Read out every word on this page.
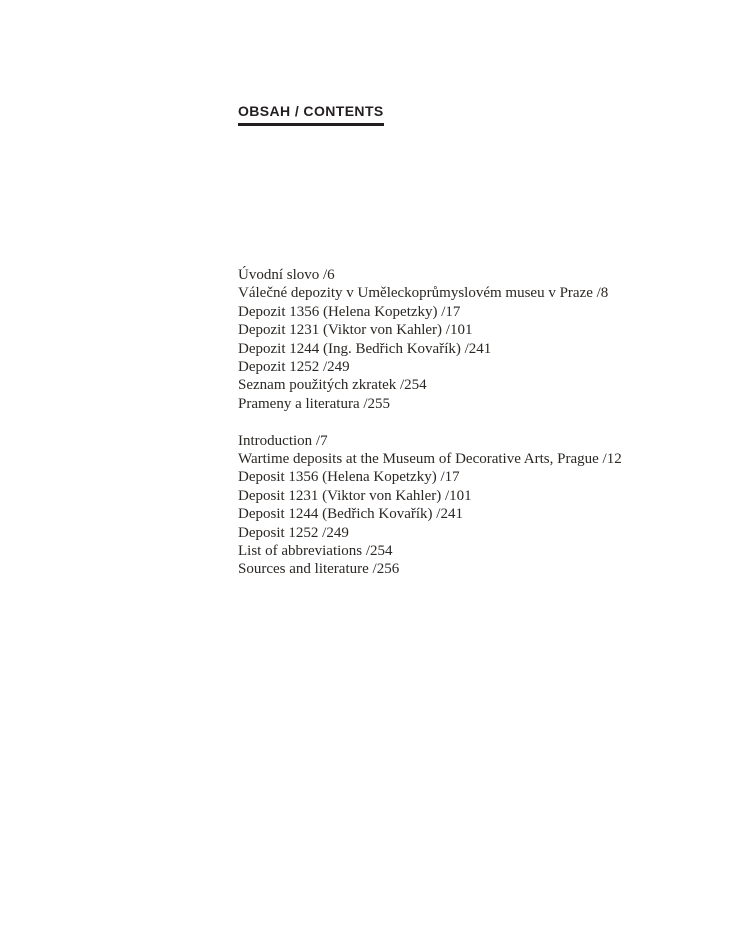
OBSAH / CONTENTS
Úvodní slovo /6
Válečné depozity v Uměleckoprůmyslovém museu v Praze /8
Depozit 1356 (Helena Kopetzky) /17
Depozit 1231 (Viktor von Kahler) /101
Depozit 1244 (Ing. Bedřich Kovařík) /241
Depozit 1252 /249
Seznam použitých zkratek /254
Prameny a literatura /255
Introduction /7
Wartime deposits at the Museum of Decorative Arts, Prague /12
Deposit 1356 (Helena Kopetzky) /17
Deposit 1231 (Viktor von Kahler) /101
Deposit 1244 (Bedřich Kovařík) /241
Deposit 1252 /249
List of abbreviations /254
Sources and literature /256
